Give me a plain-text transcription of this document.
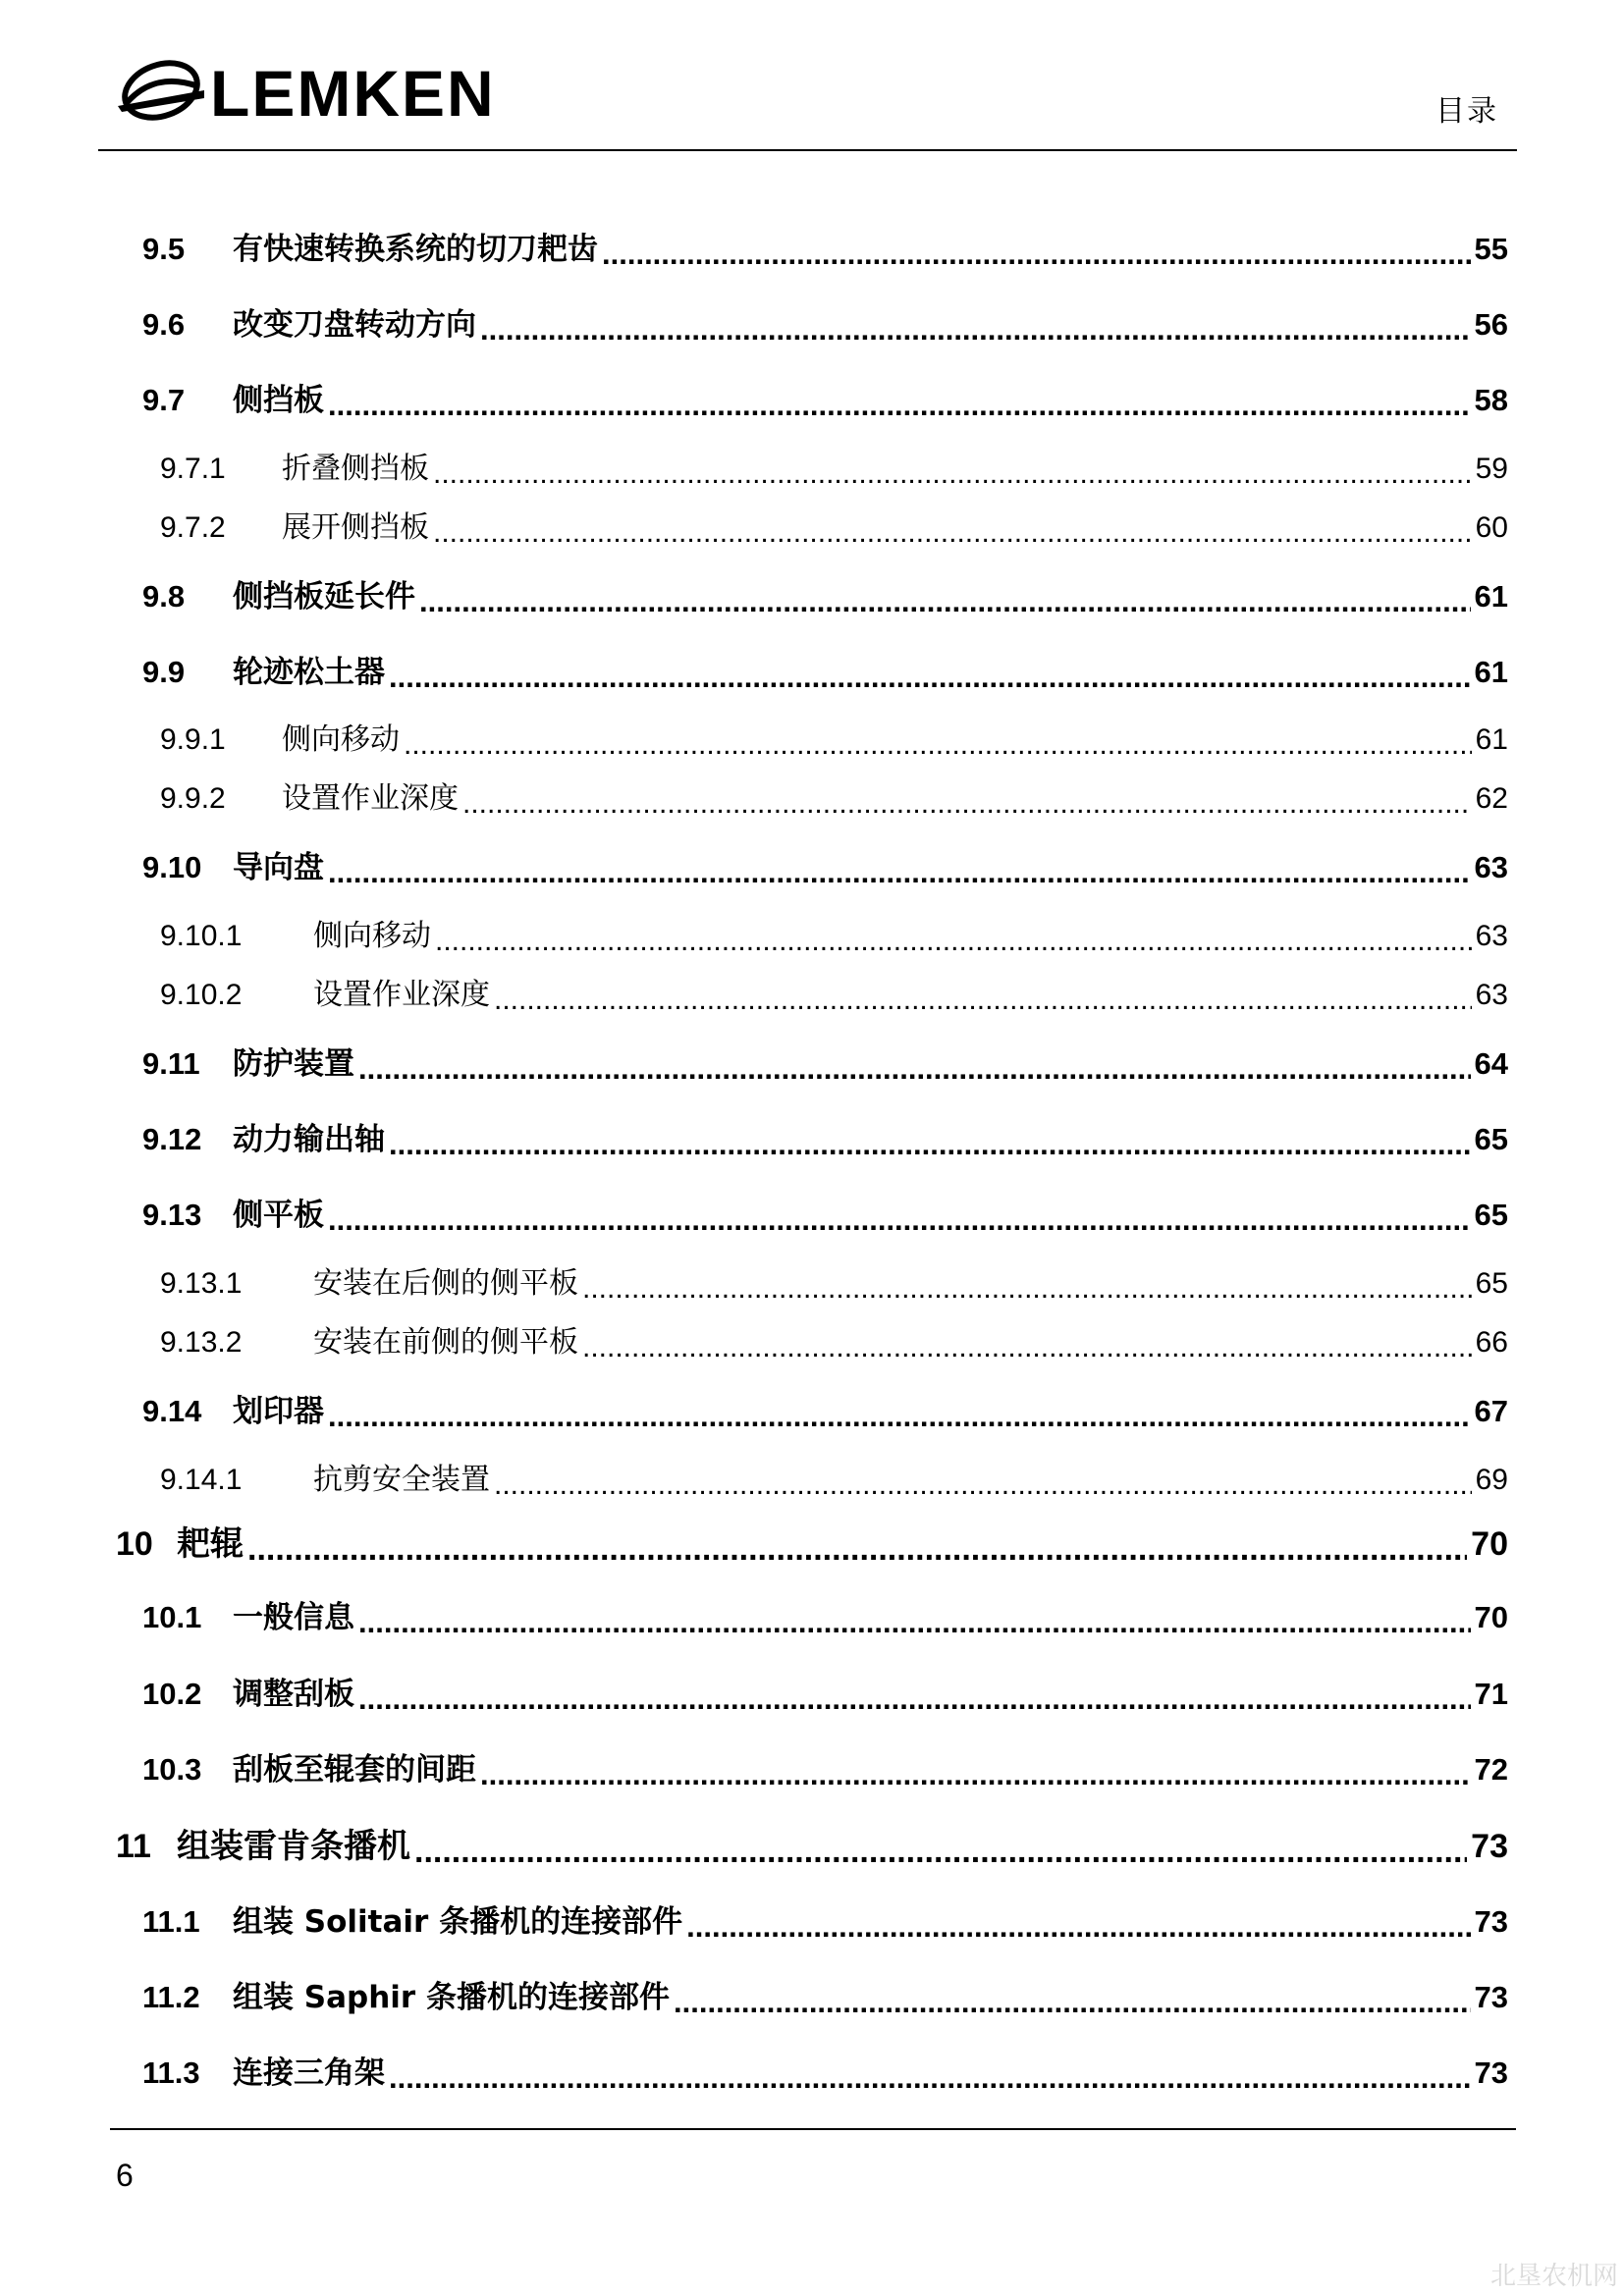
LEMKEN	目录
9.5	有快速转换系统的切刀耙齿 .....	55
9.6	改变刀盘转动方向 .....	56
9.7	侧挡板 .....	58
9.7.1	折叠侧挡板 .....	59
9.7.2	展开侧挡板 .....	60
9.8	侧挡板延长件 .....	61
9.9	轮迹松土器 .....	61
9.9.1	侧向移动 .....	61
9.9.2	设置作业深度 .....	62
9.10	导向盘 .....	63
9.10.1	侧向移动 .....	63
9.10.2	设置作业深度 .....	63
9.11	防护装置 .....	64
9.12	动力输出轴 .....	65
9.13	侧平板 .....	65
9.13.1	安装在后侧的侧平板 .....	65
9.13.2	安装在前侧的侧平板 .....	66
9.14	划印器 .....	67
9.14.1	抗剪安全装置 .....	69
10 耙辊 .....	70
10.1	一般信息 .....	70
10.2	调整刮板 .....	71
10.3	刮板至辊套的间距 .....	72
11 组装雷肯条播机 .....	73
11.1	组装 Solitair 条播机的连接部件 .....	73
11.2	组装 Saphir 条播机的连接部件 .....	73
11.3	连接三角架 .....	73
6
北垦农机网
